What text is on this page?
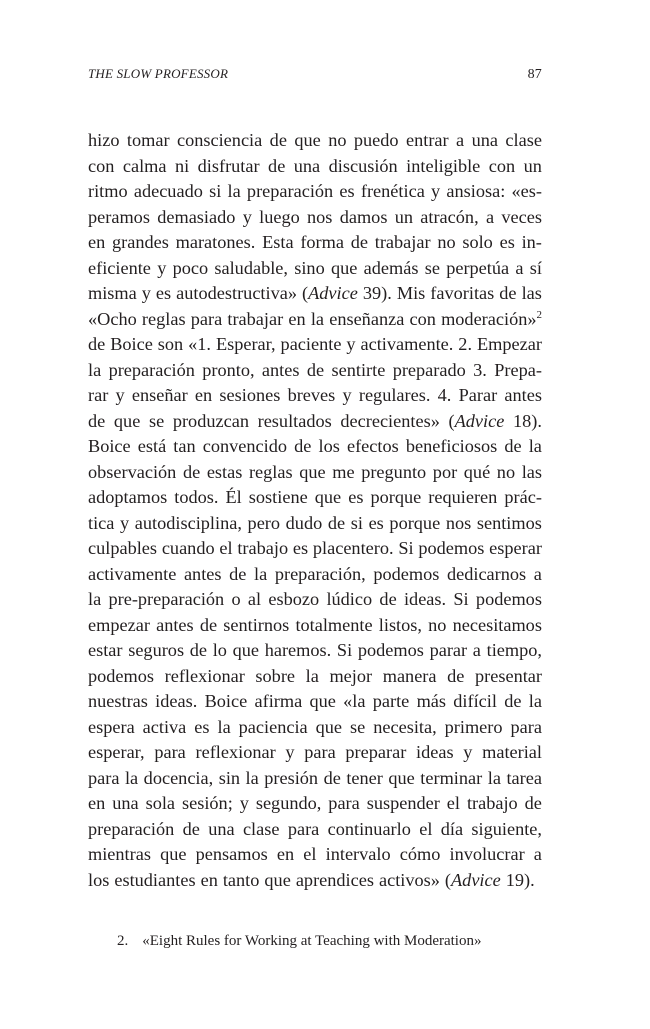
THE SLOW PROFESSOR	87
hizo tomar consciencia de que no puedo entrar a una clase
con calma ni disfrutar de una discusión inteligible con un
ritmo adecuado si la preparación es frenética y ansiosa: «es-
peramos demasiado y luego nos damos un atracón, a veces
en grandes maratones. Esta forma de trabajar no solo es in-
eficiente y poco saludable, sino que además se perpetúa a sí
misma y es autodestructiva» (Advice 39). Mis favoritas de las
«Ocho reglas para trabajar en la enseñanza con moderación»$^2$
de Boice son «1. Esperar, paciente y activamente. 2. Empezar
la preparación pronto, antes de sentirte preparado 3. Prepa-
rar y enseñar en sesiones breves y regulares. 4. Parar antes
de que se produzcan resultados decrecientes» (Advice 18).
Boice está tan convencido de los efectos beneficiosos de la
observación de estas reglas que me pregunto por qué no las
adoptamos todos. Él sostiene que es porque requieren prác-
tica y autodisciplina, pero dudo de si es porque nos sentimos
culpables cuando el trabajo es placentero. Si podemos esperar
activamente antes de la preparación, podemos dedicarnos a
la pre-preparación o al esbozo lúdico de ideas. Si podemos
empezar antes de sentirnos totalmente listos, no necesitamos
estar seguros de lo que haremos. Si podemos parar a tiempo,
podemos reflexionar sobre la mejor manera de presentar
nuestras ideas. Boice afirma que «la parte más difícil de la
espera activa es la paciencia que se necesita, primero para
esperar, para reflexionar y para preparar ideas y material
para la docencia, sin la presión de tener que terminar la tarea
en una sola sesión; y segundo, para suspender el trabajo de
preparación de una clase para continuarlo el día siguiente,
mientras que pensamos en el intervalo cómo involucrar a
los estudiantes en tanto que aprendices activos» (Advice 19).
2. «Eight Rules for Working at Teaching with Moderation»
